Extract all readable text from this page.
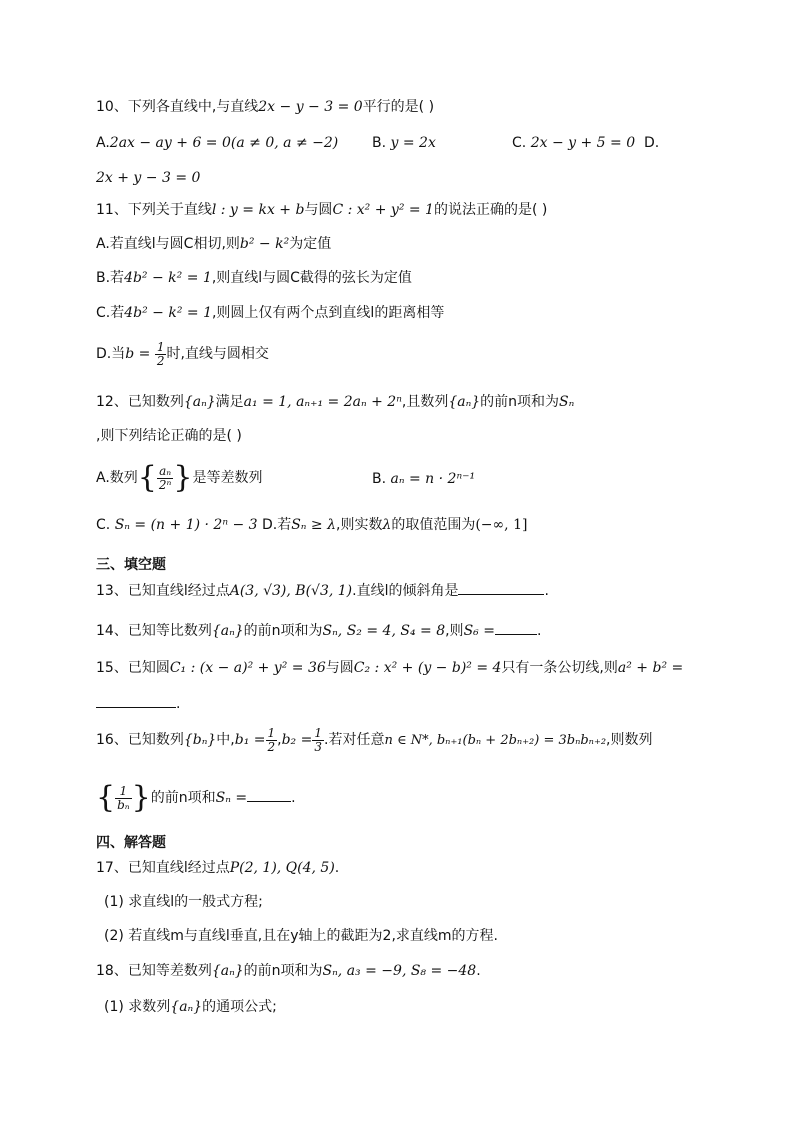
10、下列各直线中,与直线2x − y − 3 = 0平行的是( )
A.2ax − ay + 6 = 0(a ≠ 0, a ≠ −2) B. y = 2x	C. 2x − y + 5 = 0 D.
2x + y − 3 = 0
11、下列关于直线l : y = kx + b与圆C : x² + y² = 1的说法正确的是( )
A.若直线l与圆C相切,则b² − k²为定值
B.若4b² − k² = 1,则直线l与圆C截得的弦长为定值
C.若4b² − k² = 1,则圆上仅有两个点到直线l的距离相等
D.当$b = \frac{1}{2}$ 时,直线与圆相交
12、已知数列{aₙ}满足a₁ = 1, aₙ₊₁ = 2aₙ + 2ⁿ,且数列{aₙ}的前n项和为Sₙ
,则下列结论正确的是( )
A.数列{ $\frac{\text{aₙ}}{\text{2ⁿ}}$ }是等差数列	B. aₙ = n · 2ⁿ⁻¹
C. Sₙ = (n + 1) · 2ⁿ − 3 D.若Sₙ ≥ λ,则实数λ的取值范围为(−∞, 1]
三、填空题
13、已知直线l经过点A(3, √3), B(√3, 1).直线l的倾斜角是	.
14、已知等比数列{aₙ}的前n项和为Sₙ, S₂ = 4, S₄ = 8,则S₆ =	.
15、已知圆C₁ : (x − a)² + y² = 36与圆C₂ : x² + (y − b)² = 4只有一条公切线,则a² + b² =
.
16、已知数列{bₙ}中$,b_1 = \frac{1}{2} ,b_2 = \frac{1}{3}$ .若对任意n ∈ N*, bₙ₊₁(bₙ + 2bₙ₊₂) = 3bₙbₙ₊₂,则数列
{ $\frac{1}{\text{bₙ}}$ }的前n项和Sₙ =	.
四、解答题
17、已知直线l经过点P(2, 1), Q(4, 5).
(1) 求直线l的一般式方程;
(2) 若直线m与直线l垂直,且在y轴上的截距为2,求直线m的方程.
18、已知等差数列{aₙ}的前n项和为Sₙ, a₃ = −9, S₈ = −48.
(1) 求数列{aₙ}的通项公式;
